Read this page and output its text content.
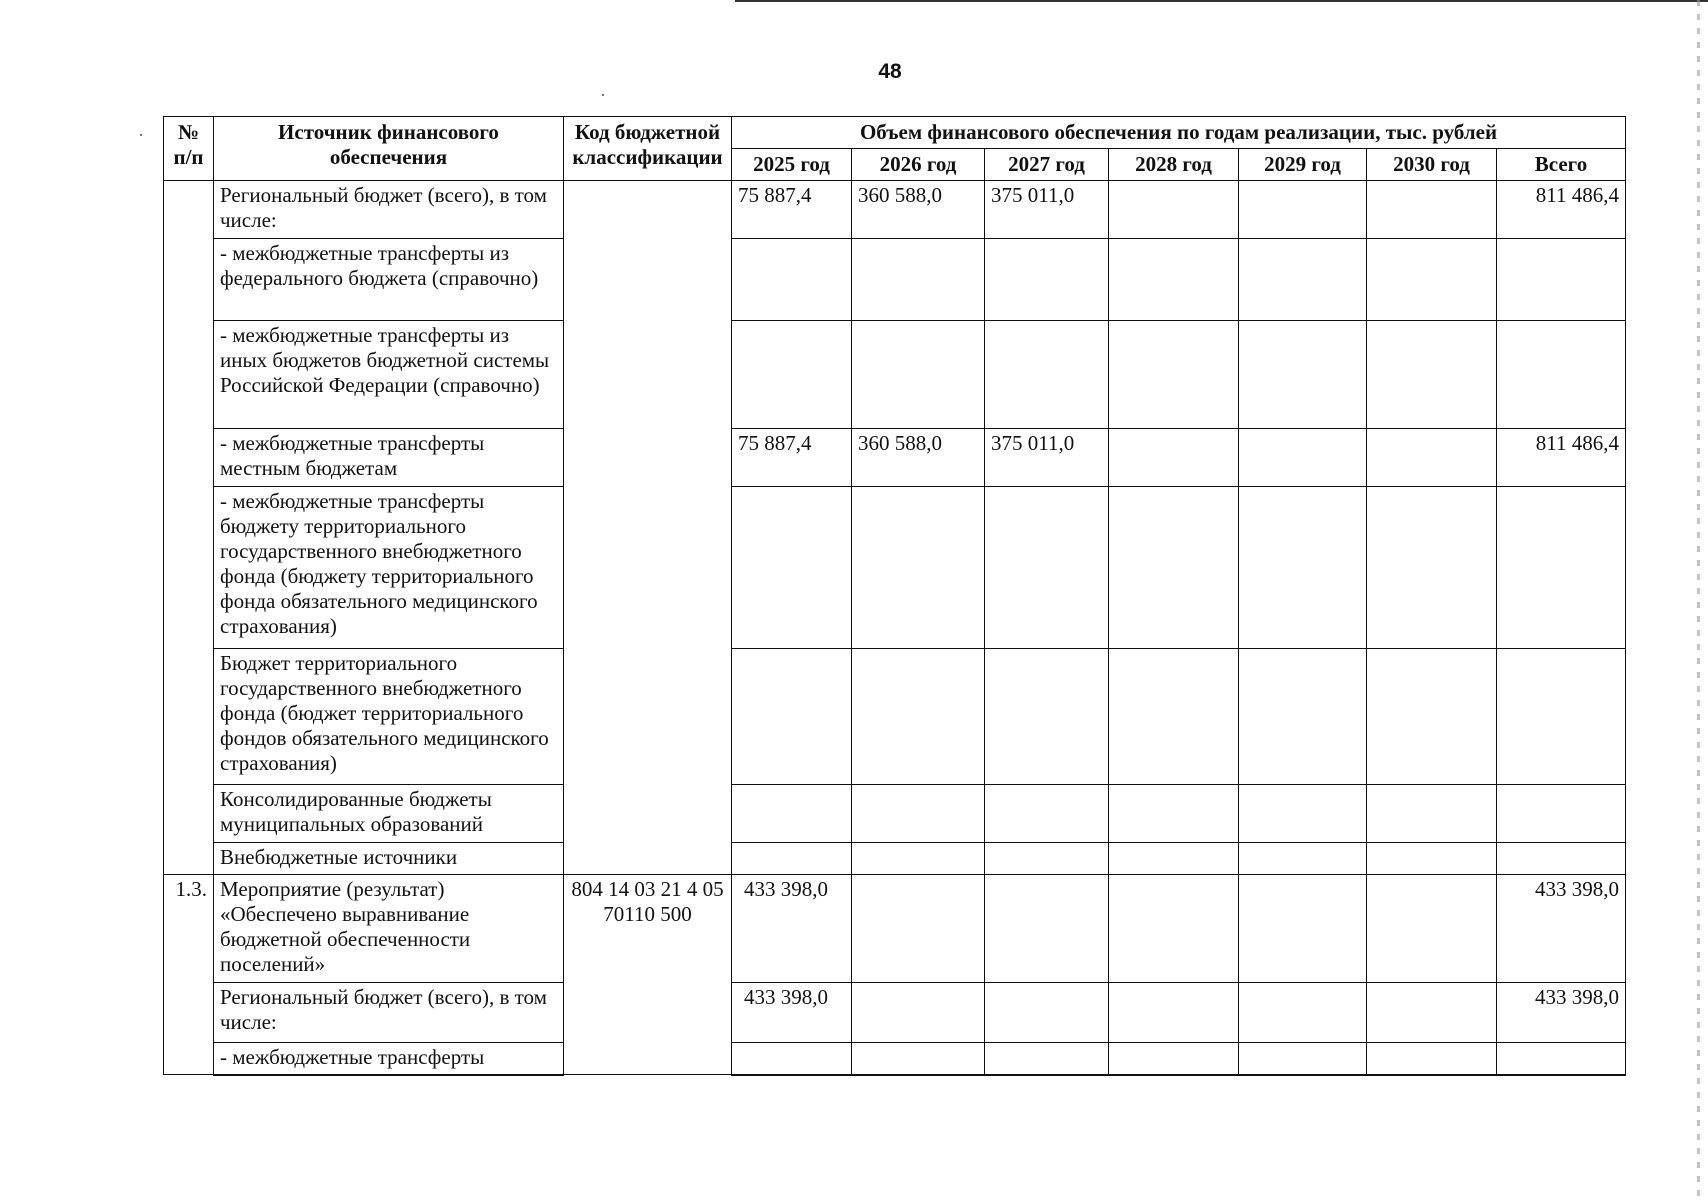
48
№ п/п	Источник финансового обеспечения	Код бюджетной классификации	Объем финансового обеспечения по годам реализации, тыс. рублей						
			2025 год	2026 год	2027 год	2028 год	2029 год	2030 год	Всего
	Региональный бюджет (всего), в том числе:		75 887,4	360 588,0	375 011,0				811 486,4
	- межбюджетные трансферты из федерального бюджета (справочно)								
	- межбюджетные трансферты из иных бюджетов бюджетной системы Российской Федерации (справочно)								
	- межбюджетные трансферты местным бюджетам		75 887,4	360 588,0	375 011,0				811 486,4
	- межбюджетные трансферты бюджету территориального государственного внебюджетного фонда (бюджету территориального фонда обязательного медицинского страхования)								
	Бюджет территориального государственного внебюджетного фонда (бюджет территориального фондов обязательного медицинского страхования)								
	Консолидированные бюджеты муниципальных образований								
	Внебюджетные источники								
1.3.	Мероприятие (результат) «Обеспечено выравнивание бюджетной обеспеченности поселений»	804 14 03 21 4 05 70110 500	433 398,0						433 398,0
	Региональный бюджет (всего), в том числе:		433 398,0						433 398,0
	- межбюджетные трансферты								
